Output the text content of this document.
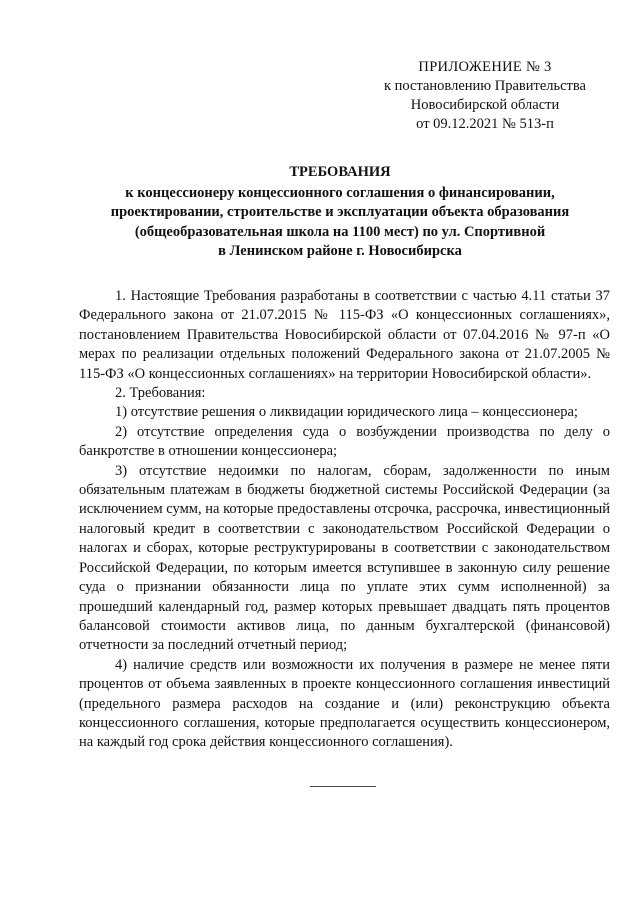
ПРИЛОЖЕНИЕ № 3
к постановлению Правительства
Новосибирской области
от 09.12.2021 № 513-п
ТРЕБОВАНИЯ
к концессионеру концессионного соглашения о финансировании,
проектировании, строительстве и эксплуатации объекта образования
(общеобразовательная школа на 1100 мест) по ул. Спортивной
в Ленинском районе г. Новосибирска

1. Настоящие Требования разработаны в соответствии с частью 4.11 статьи 37 Федерального закона от 21.07.2015 № 115-ФЗ «О концессионных соглашениях», постановлением Правительства Новосибирской области от 07.04.2016 № 97-п «О мерах по реализации отдельных положений Федерального закона от 21.07.2005 № 115-ФЗ «О концессионных соглашениях» на территории Новосибирской области».

2. Требования:

1) отсутствие решения о ликвидации юридического лица – концессионера;

2) отсутствие определения суда о возбуждении производства по делу о банкротстве в отношении концессионера;

3) отсутствие недоимки по налогам, сборам, задолженности по иным обязательным платежам в бюджеты бюджетной системы Российской Федерации (за исключением сумм, на которые предоставлены отсрочка, рассрочка, инвестиционный налоговый кредит в соответствии с законодательством Российской Федерации о налогах и сборах, которые реструктурированы в соответствии с законодательством Российской Федерации, по которым имеется вступившее в законную силу решение суда о признании обязанности лица по уплате этих сумм исполненной) за прошедший календарный год, размер которых превышает двадцать пять процентов балансовой стоимости активов лица, по данным бухгалтерской (финансовой) отчетности за последний отчетный период;

4) наличие средств или возможности их получения в размере не менее пяти процентов от объема заявленных в проекте концессионного соглашения инвестиций (предельного размера расходов на создание и (или) реконструкцию объекта концессионного соглашения, которые предполагается осуществить концессионером, на каждый год срока действия концессионного соглашения).
